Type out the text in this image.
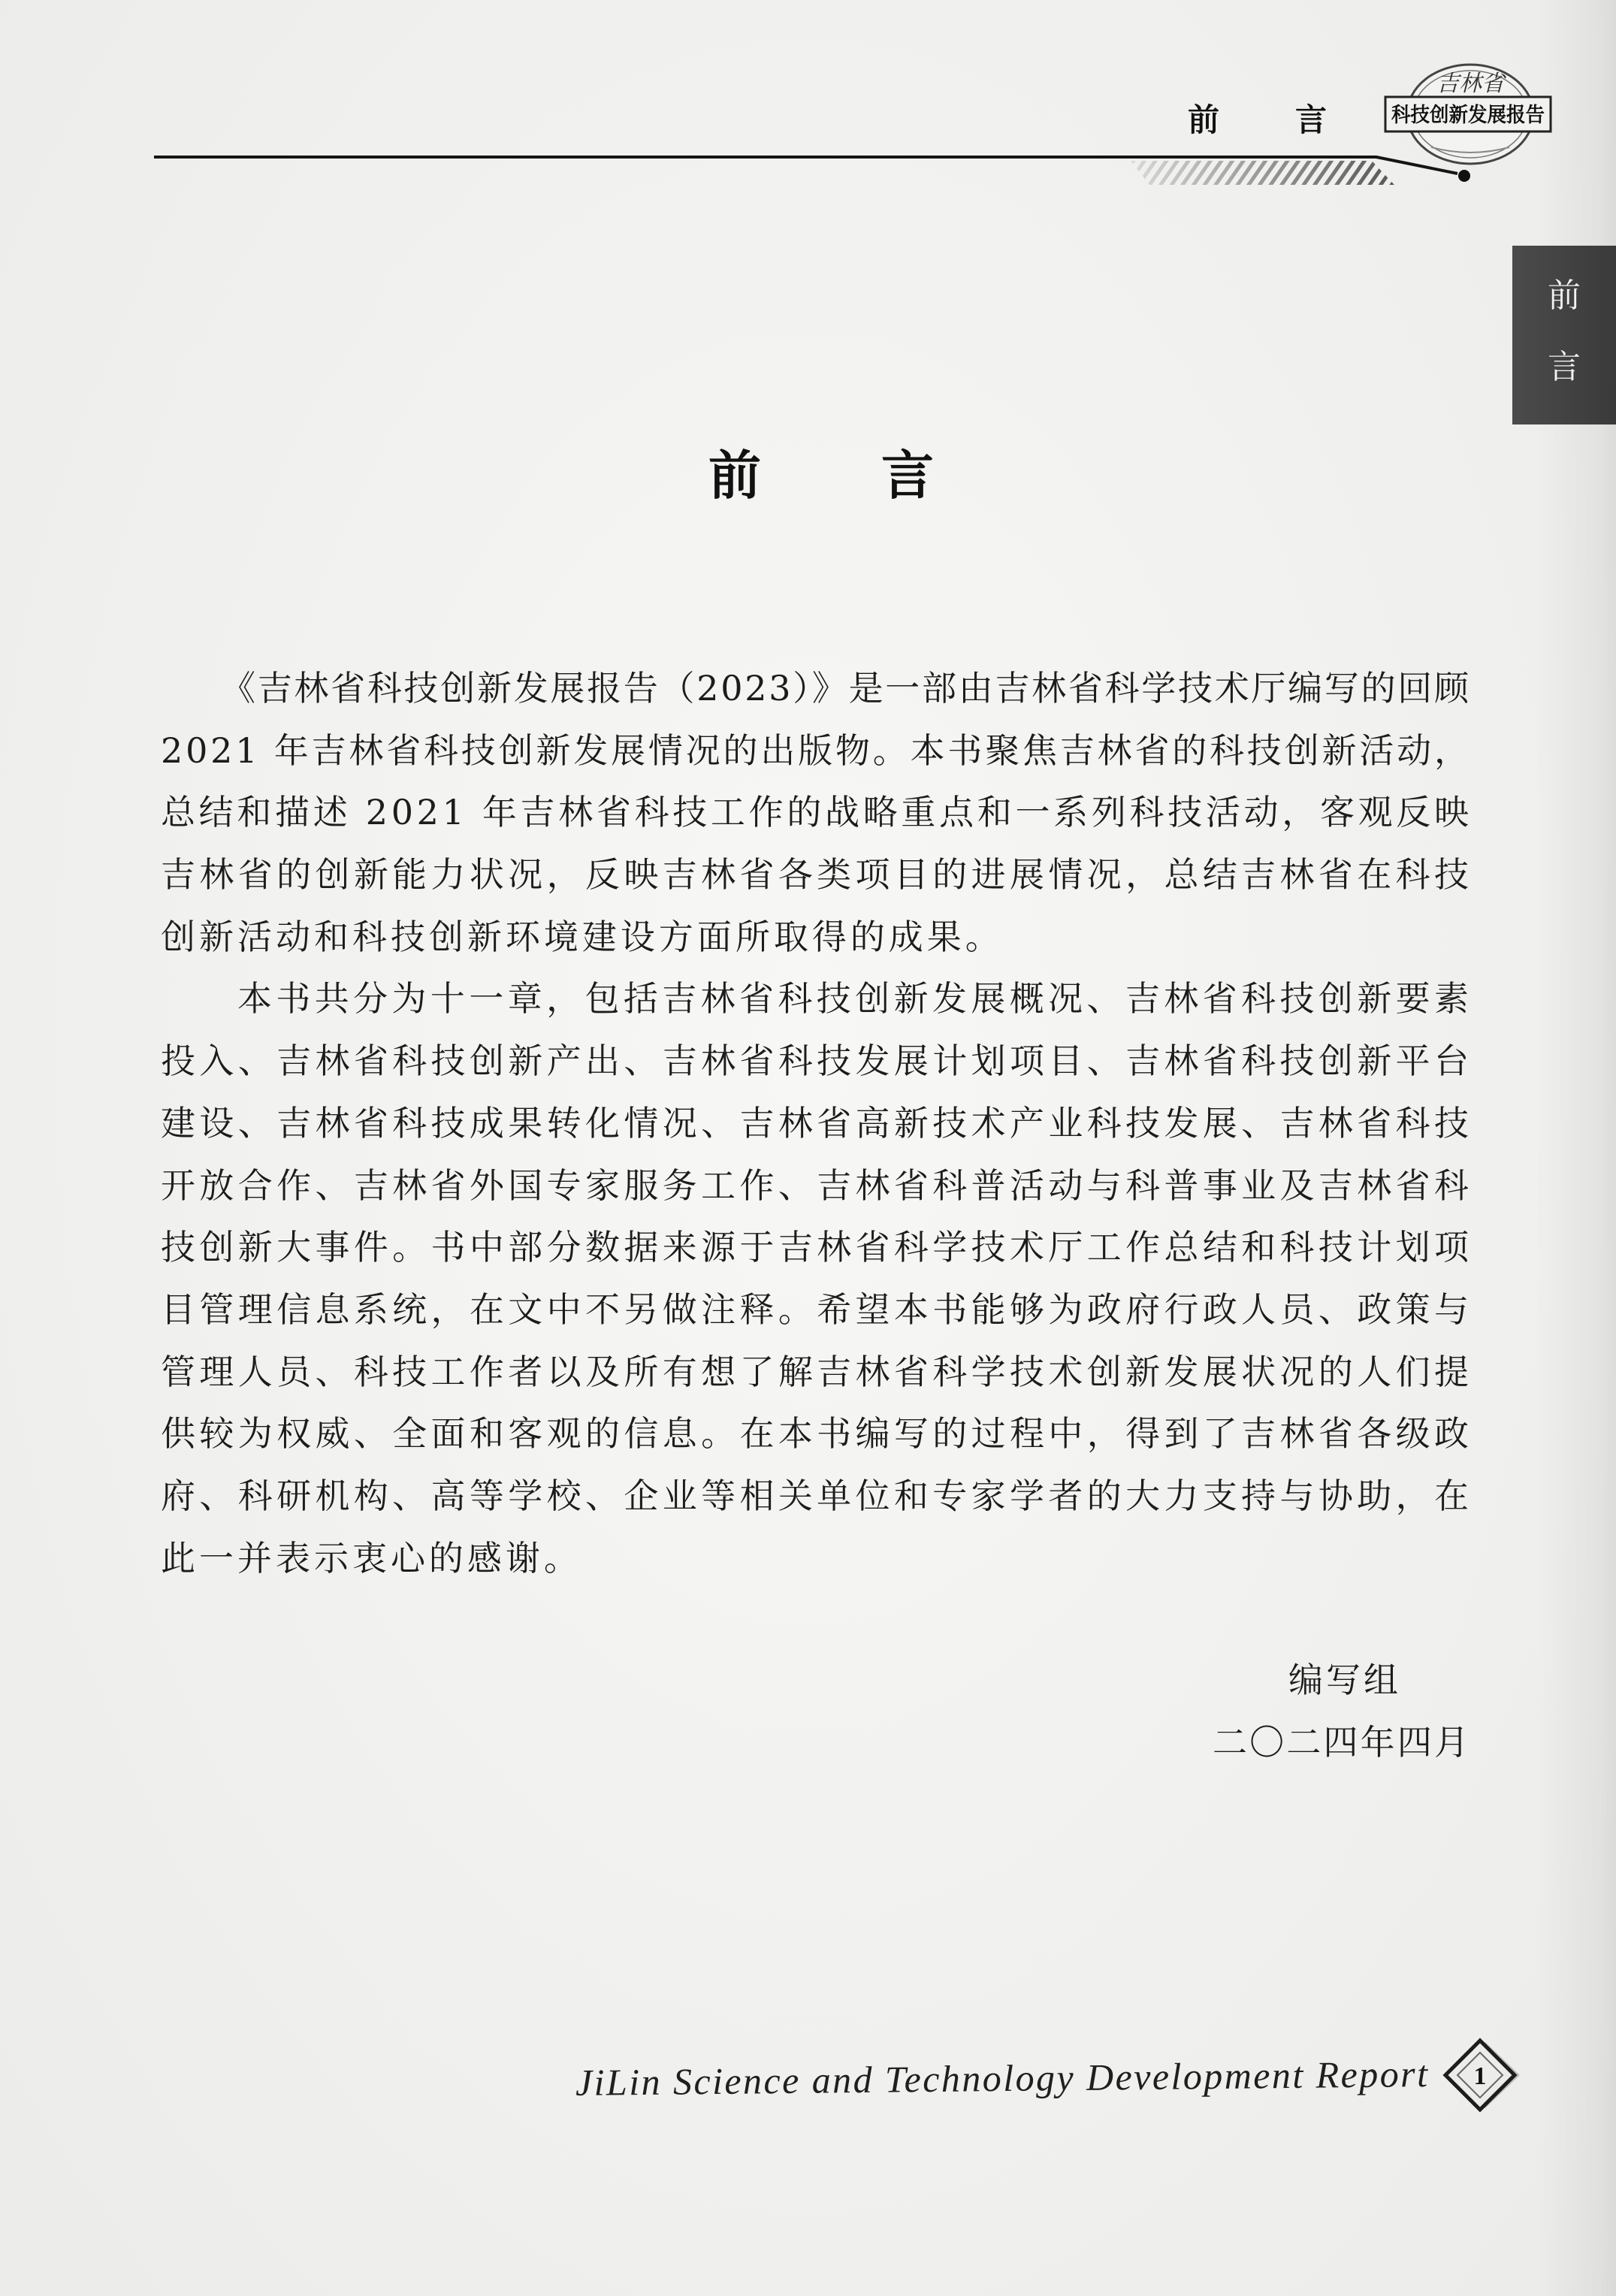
吉林省
科技创新发展报告
前 言
前
言
前 言
《吉林省科技创新发展报告（2023）》是一部由吉林省科学技术厅编写的回顾
2021 年吉林省科技创新发展情况的出版物。本书聚焦吉林省的科技创新活动，
总结和描述 2021 年吉林省科技工作的战略重点和一系列科技活动，客观反映
吉林省的创新能力状况，反映吉林省各类项目的进展情况，总结吉林省在科技
创新活动和科技创新环境建设方面所取得的成果。
本书共分为十一章，包括吉林省科技创新发展概况、吉林省科技创新要素
投入、吉林省科技创新产出、吉林省科技发展计划项目、吉林省科技创新平台
建设、吉林省科技成果转化情况、吉林省高新技术产业科技发展、吉林省科技
开放合作、吉林省外国专家服务工作、吉林省科普活动与科普事业及吉林省科
技创新大事件。书中部分数据来源于吉林省科学技术厅工作总结和科技计划项
目管理信息系统，在文中不另做注释。希望本书能够为政府行政人员、政策与
管理人员、科技工作者以及所有想了解吉林省科学技术创新发展状况的人们提
供较为权威、全面和客观的信息。在本书编写的过程中，得到了吉林省各级政
府、科研机构、高等学校、企业等相关单位和专家学者的大力支持与协助，在
此一并表示衷心的感谢。
编写组
二〇二四年四月
JiLin Science and Technology Development Report 1
